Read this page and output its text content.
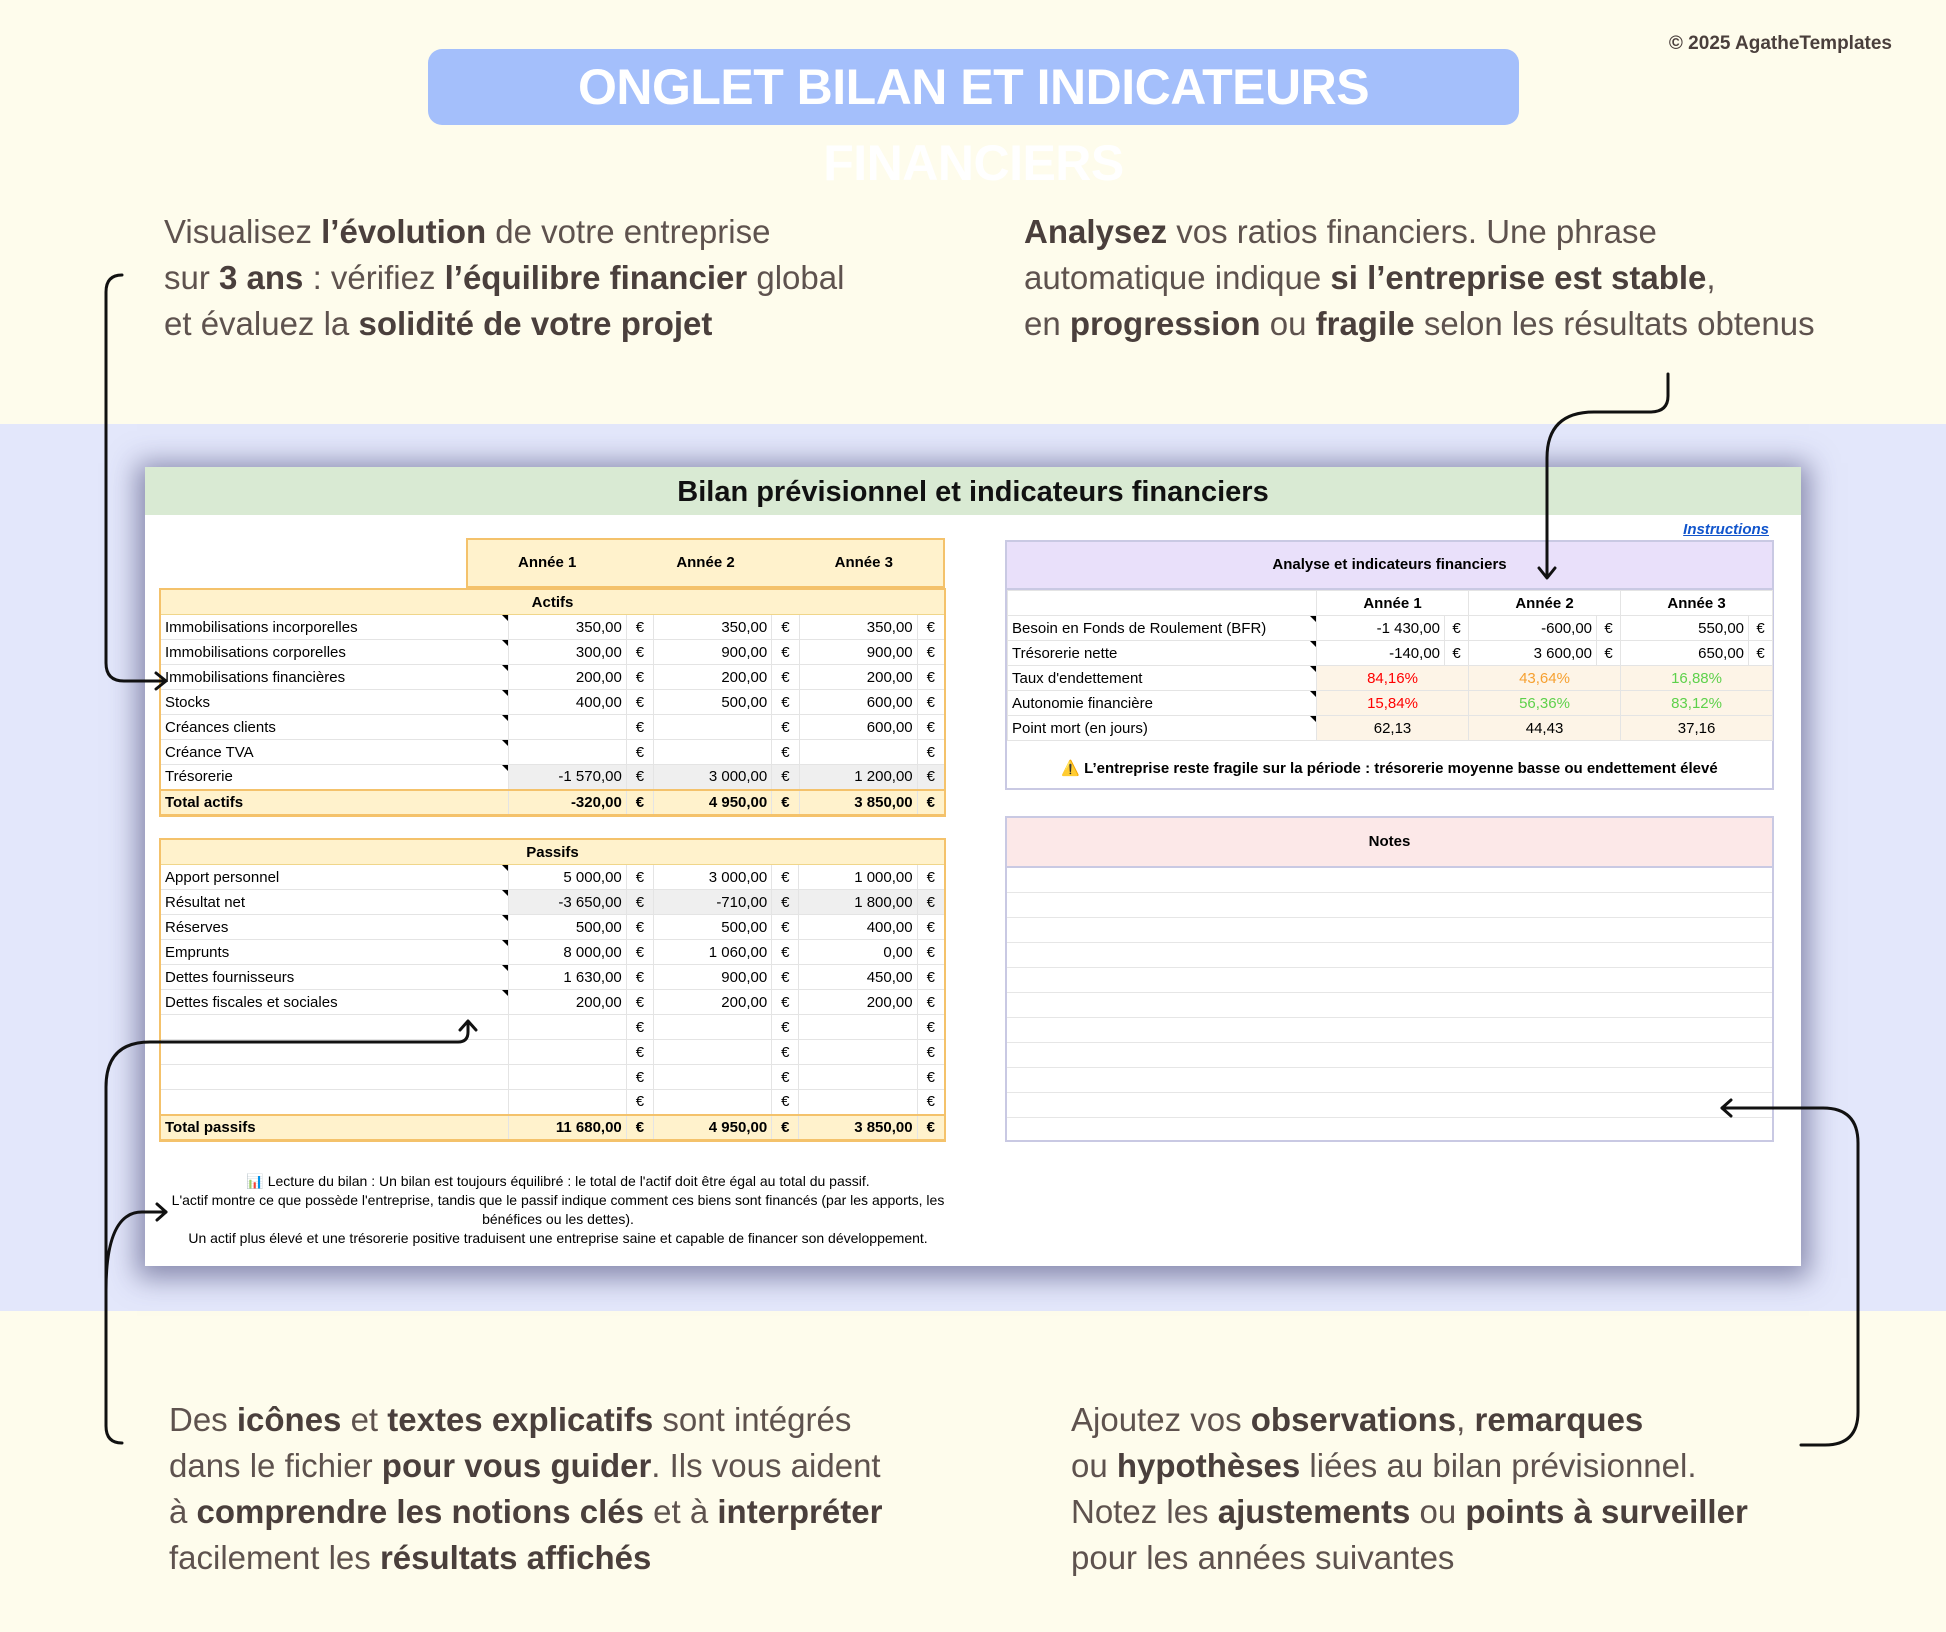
ONGLET BILAN ET INDICATEURS FINANCIERS
© 2025 AgatheTemplates
Visualisez l’évolution de votre entreprise
sur 3 ans : vérifiez l’équilibre financier global
et évaluez la solidité de votre projet
Analysez vos ratios financiers. Une phrase
automatique indique si l’entreprise est stable,
en progression ou fragile selon les résultats obtenus
Des icônes et textes explicatifs sont intégrés
dans le fichier pour vous guider. Ils vous aident
à comprendre les notions clés et à interpréter
facilement les résultats affichés
Ajoutez vos observations, remarques
ou hypothèses liées au bilan prévisionnel.
Notez les ajustements ou points à surveiller
pour les années suivantes
Bilan prévisionnel et indicateurs financiers
Instructions
Année 1	Année 2	Année 3
Actifs						
Immobilisations incorporelles	350,00	€	350,00	€	350,00	€
Immobilisations corporelles	300,00	€	900,00	€	900,00	€
Immobilisations financières	200,00	€	200,00	€	200,00	€
Stocks	400,00	€	500,00	€	600,00	€
Créances clients		€		€	600,00	€
Créance TVA		€		€		€
Trésorerie	-1 570,00	€	3 000,00	€	1 200,00	€
Total actifs	-320,00	€	4 950,00	€	3 850,00	€
Passifs						
Apport personnel	5 000,00	€	3 000,00	€	1 000,00	€
Résultat net	-3 650,00	€	-710,00	€	1 800,00	€
Réserves	500,00	€	500,00	€	400,00	€
Emprunts	8 000,00	€	1 060,00	€	0,00	€
Dettes fournisseurs	1 630,00	€	900,00	€	450,00	€
Dettes fiscales et sociales	200,00	€	200,00	€	200,00	€
		€		€		€
		€		€		€
		€		€		€
		€		€		€
Total passifs	11 680,00	€	4 950,00	€	3 850,00	€
Analyse et indicateurs financiers
	Année 1		Année 2		Année 3	
Besoin en Fonds de Roulement (BFR)	-1 430,00	€	-600,00	€	550,00	€
Trésorerie nette	-140,00	€	3 600,00	€	650,00	€
Taux d'endettement	84,16%		43,64%		16,88%	
Autonomie financière	15,84%		56,36%		83,12%	
Point mort (en jours)	62,13		44,43		37,16	
⚠️ L’entreprise reste fragile sur la période : trésorerie moyenne basse ou endettement élevé
Notes
📊 Lecture du bilan : Un bilan est toujours équilibré : le total de l'actif doit être égal au total du passif.
L'actif montre ce que possède l'entreprise, tandis que le passif indique comment ces biens sont financés (par les apports, les bénéfices ou les dettes).
Un actif plus élevé et une trésorerie positive traduisent une entreprise saine et capable de financer son développement.
